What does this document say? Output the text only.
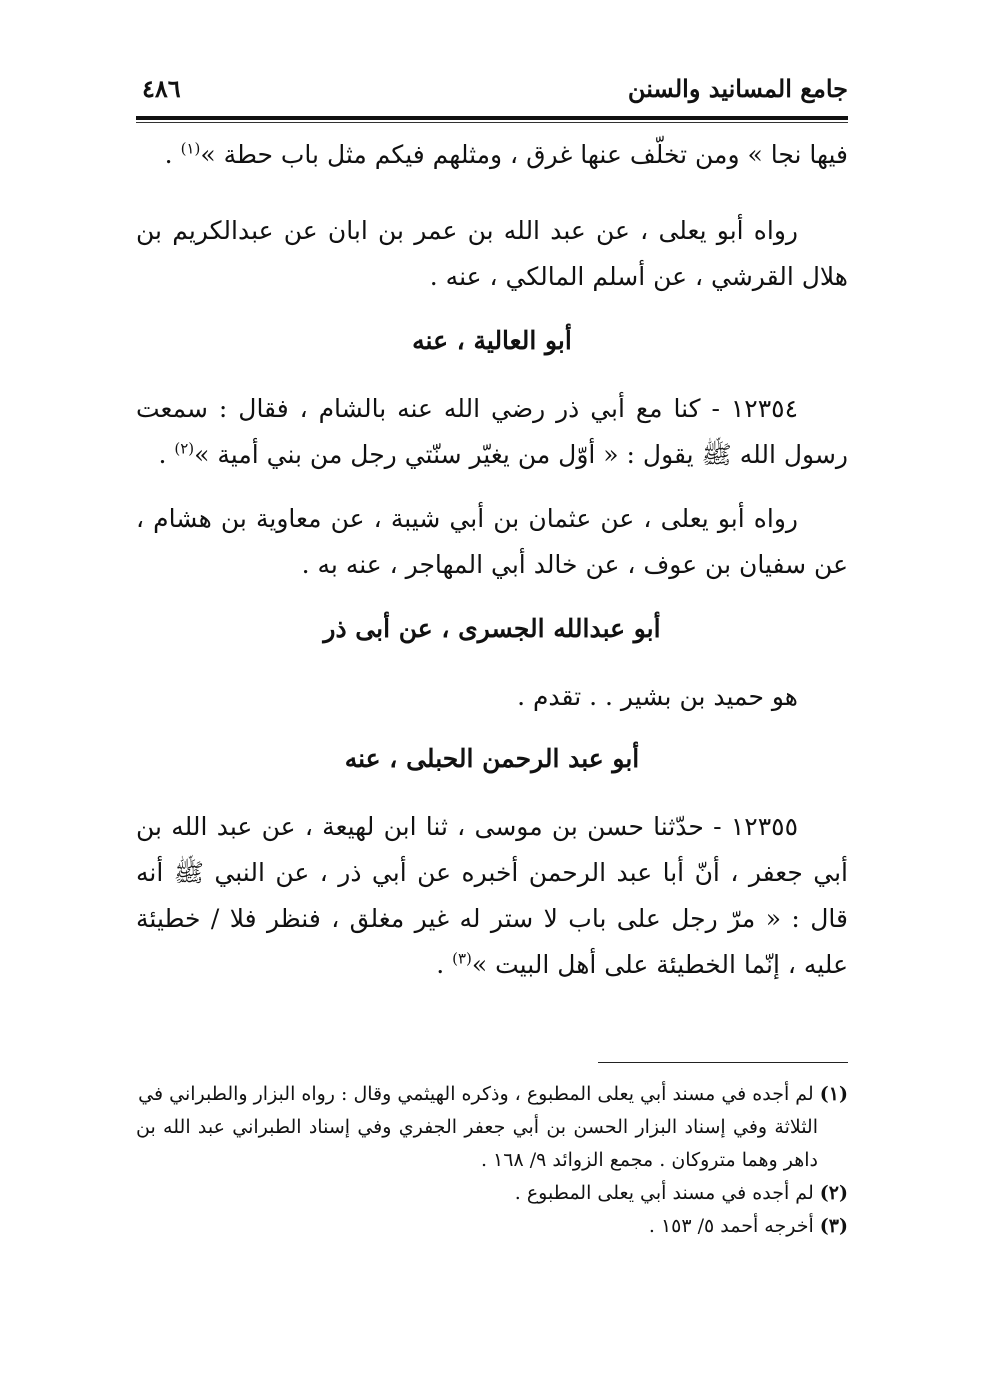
جامع المسانيد والسنن
٤٨٦

فيها نجا » ومن تخلّف عنها غرق ، ومثلهم فيكم مثل باب حطة »$^{(١)}$ .

رواه أبو يعلى ، عن عبد الله بن عمر بن ابان عن عبدالكريم بن هلال القرشي ، عن أسلم المالكي ، عنه .

أبو العالية ، عنه

١٢٣٥٤ - كنا مع أبي ذر رضي الله عنه بالشام ، فقال : سمعت رسول الله ﷺ يقول : « أوّل من يغيّر سنّتي رجل من بني أمية »$^{(٢)}$ .

رواه أبو يعلى ، عن عثمان بن أبي شيبة ، عن معاوية بن هشام ، عن سفيان بن عوف ، عن خالد أبي المهاجر ، عنه به .

أبو عبدالله الجسرى ، عن أبى ذر

هو حميد بن بشير . . تقدم .

أبو عبد الرحمن الحبلى ، عنه

١٢٣٥٥ - حدّثنا حسن بن موسى ، ثنا ابن لهيعة ، عن عبد الله بن أبي جعفر ، أنّ أبا عبد الرحمن أخبره عن أبي ذر ، عن النبي ﷺ أنه قال : « مرّ رجل على باب لا ستر له غير مغلق ، فنظر فلا / خطيئة عليه ، إنّما الخطيئة على أهل البيت »$^{(٣)}$ .

(١) لم أجده في مسند أبي يعلى المطبوع ، وذكره الهيثمي وقال : رواه البزار والطبراني في

الثلاثة وفي إسناد البزار الحسن بن أبي جعفر الجفري وفي إسناد الطبراني عبد الله بن داهر وهما متروكان . مجمع الزوائد ٩/ ١٦٨ .

(٢) لم أجده في مسند أبي يعلى المطبوع .

(٣) أخرجه أحمد ٥/ ١٥٣ .
